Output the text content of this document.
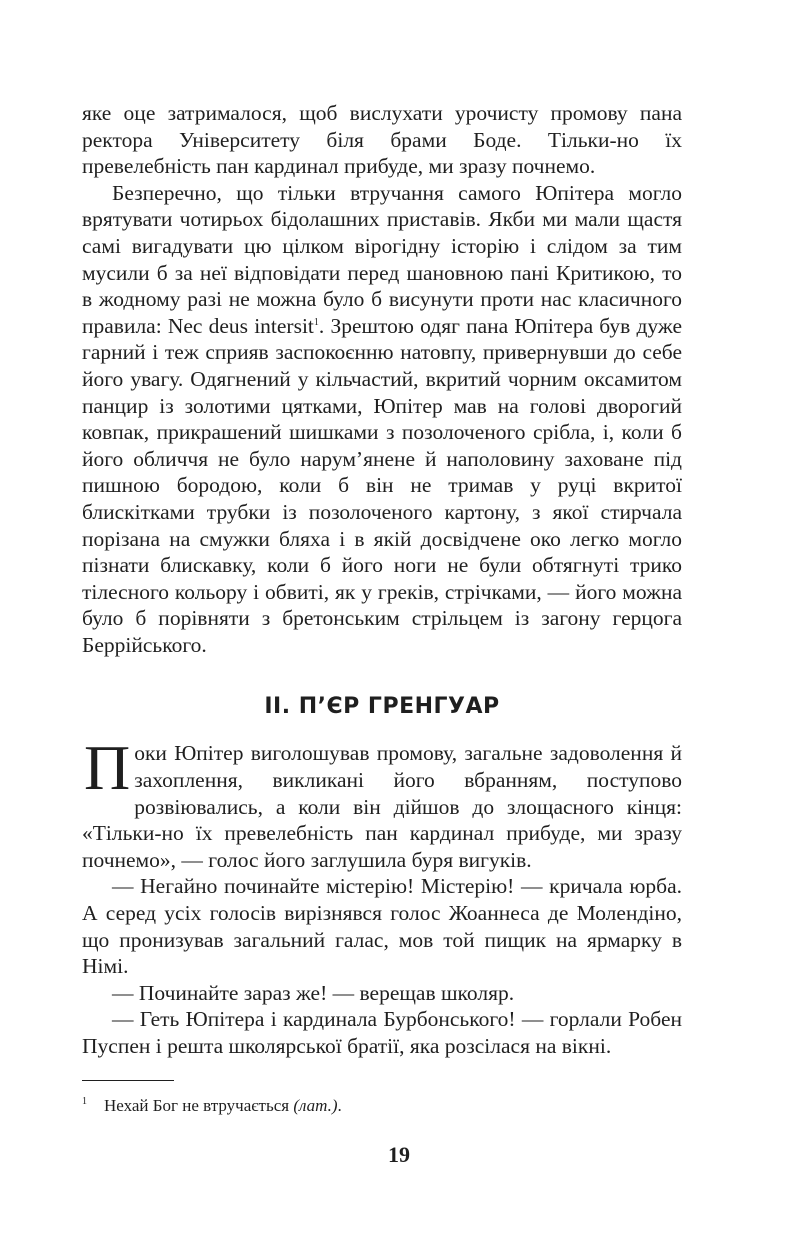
яке оце затрималося, щоб вислухати урочисту промову пана ректора Університету біля брами Боде. Тільки-но їх превелебність пан кардинал прибуде, ми зразу почнемо.

Безперечно, що тільки втручання самого Юпітера могло врятувати чотирьох бідолашних приставів. Якби ми мали щастя самі вигадувати цю цілком вірогідну історію і слідом за тим мусили б за неї відповідати перед шановною пані Критикою, то в жодному разі не можна було б висунути проти нас класичного правила: Nec deus intersit$^1$. Зрештою одяг пана Юпітера був дуже гарний і теж сприяв заспокоєнню натовпу, привернувши до себе його увагу. Одягнений у кільчастий, вкритий чорним оксамитом панцир із золотими цятками, Юпітер мав на голові дворогий ковпак, прикрашений шишками з позолоченого срібла, і, коли б його обличчя не було нарум’янене й наполовину заховане під пишною бородою, коли б він не тримав у руці вкритої блискітками трубки із позолоченого картону, з якої стирчала порізана на смужки бляха і в якій досвідчене око легко могло пізнати блискавку, коли б його ноги не були обтягнуті трико тілесного кольору і обвиті, як у греків, стрічками, — його можна було б порівняти з бретонським стрільцем із загону герцога Беррійського.

II. П’ЄР ГРЕНГУАР

Поки Юпітер виголошував промову, загальне задоволення й захоплення, викликані його вбранням, поступово розвіювались, а коли він дійшов до злощасного кінця: «Тільки-но їх превелебність пан кардинал прибуде, ми зразу почнемо», — голос його заглушила буря вигуків.

— Негайно починайте містерію! Містерію! — кричала юрба. А серед усіх голосів вирізнявся голос Жоаннеса де Молендіно, що пронизував загальний галас, мов той пищик на ярмарку в Німі.

— Починайте зараз же! — верещав школяр.

— Геть Юпітера і кардинала Бурбонського! — горлали Робен Пуспен і решта школярської братії, яка розсілася на вікні.

1 Нехай Бог не втручається (лат.).

19
